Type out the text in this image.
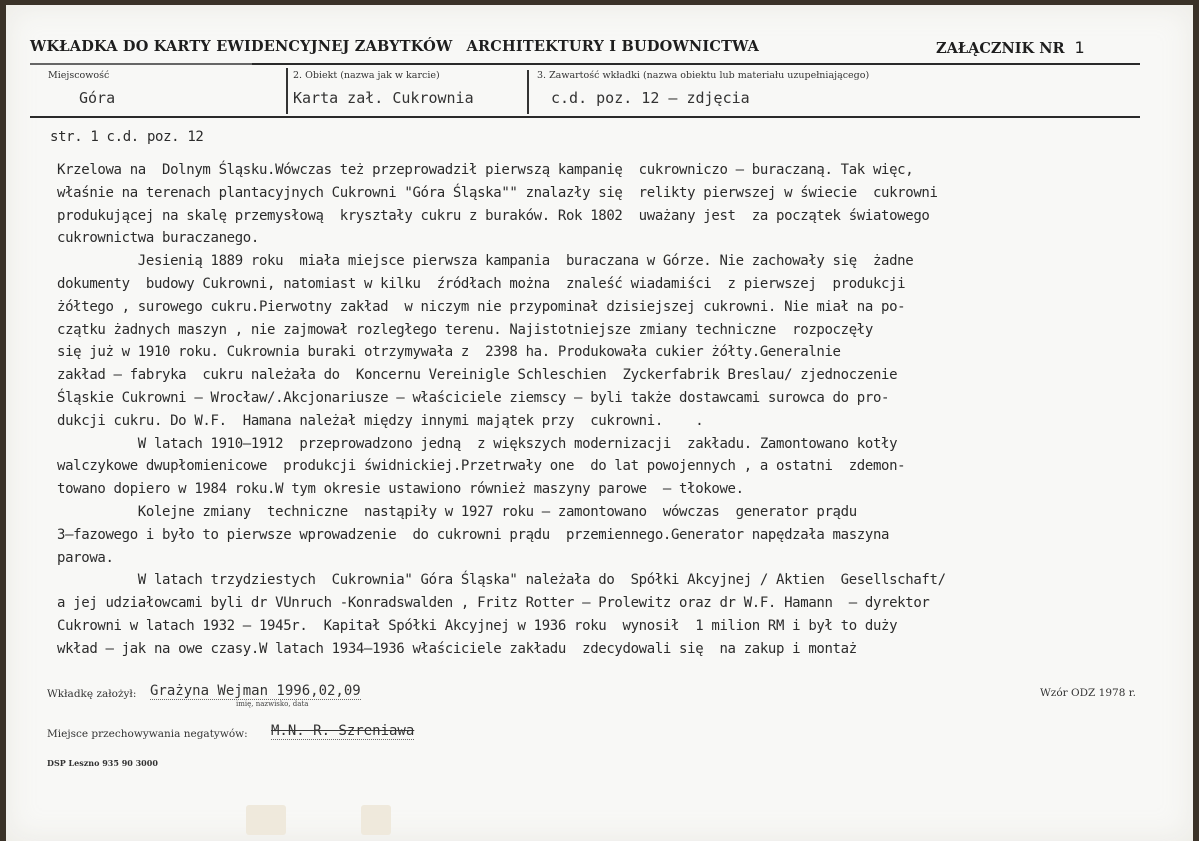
WKŁADKA DO KARTY EWIDENCYJNEJ ZABYTKÓW ARCHITEKTURY I BUDOWNICTWA	ZAŁĄCZNIK NR 1
Miejscowość
Góra
2. Obiekt (nazwa jak w karcie)
Karta zał. Cukrownia
3. Zawartość wkładki (nazwa obiektu lub materiału uzupełniającego)
c.d. poz. 12 – zdjęcia
str. 1 c.d. poz. 12
Krzelowa na  Dolnym Śląsku.Wówczas też przeprowadził pierwszą kampanię  cukrowniczo – buraczaną. Tak więc,
właśnie na terenach plantacyjnych Cukrowni "Góra Śląska"" znalazły się  relikty pierwszej w świecie  cukrowni
produkującej na skalę przemysłową  kryształy cukru z buraków. Rok 1802  uważany jest  za początek światowego
cukrownictwa buraczanego.
Jesienią 1889 roku  miała miejsce pierwsza kampania  buraczana w Górze. Nie zachowały się  żadne
dokumenty  budowy Cukrowni, natomiast w kilku  źródłach można  znaleść wiadamiści  z pierwszej  produkcji
żółtego , surowego cukru.Pierwotny zakład  w niczym nie przypominał dzisiejszej cukrowni. Nie miał na po-
czątku żadnych maszyn , nie zajmował rozległego terenu. Najistotniejsze zmiany techniczne  rozpoczęły
się już w 1910 roku. Cukrownia buraki otrzymywała z  2398 ha. Produkowała cukier żółty.Generalnie
zakład – fabryka  cukru należała do  Koncernu Vereinigle Schleschien  Zyckerfabrik Breslau/ zjednoczenie
Śląskie Cukrowni – Wrocław/.Akcjonariusze – właściciele ziemscy – byli także dostawcami surowca do pro-
dukcji cukru. Do W.F.  Hamana należał między innymi majątek przy  cukrowni.    .
W latach 1910–1912  przeprowadzono jedną  z większych modernizacji  zakładu. Zamontowano kotły
walczykowe dwupłomienicowe  produkcji świdnickiej.Przetrwały one  do lat powojennych , a ostatni  zdemon-
towano dopiero w 1984 roku.W tym okresie ustawiono również maszyny parowe  – tłokowe.
Kolejne zmiany  techniczne  nastąpiły w 1927 roku – zamontowano  wówczas  generator prądu
3–fazowego i było to pierwsze wprowadzenie  do cukrowni prądu  przemiennego.Generator napędzała maszyna
parowa.
W latach trzydziestych  Cukrownia" Góra Śląska" należała do  Spółki Akcyjnej / Aktien  Gesellschaft/
a jej udziałowcami byli dr VUnruch -Konradswalden , Fritz Rotter – Prolewitz oraz dr W.F. Hamann  – dyrektor
Cukrowni w latach 1932 – 1945r.  Kapitał Spółki Akcyjnej w 1936 roku  wynosił  1 milion RM i był to duży
wkład – jak na owe czasy.W latach 1934–1936 właściciele zakładu  zdecydowali się  na zakup i montaż
Wkładkę założył: Grażyna Wejman 1996,02,09
imię, nazwisko, data
Wzór ODZ 1978 r.
Miejsce przechowywania negatywów: M.N. R. Szreniawa
DSP Leszno 935 90 3000
